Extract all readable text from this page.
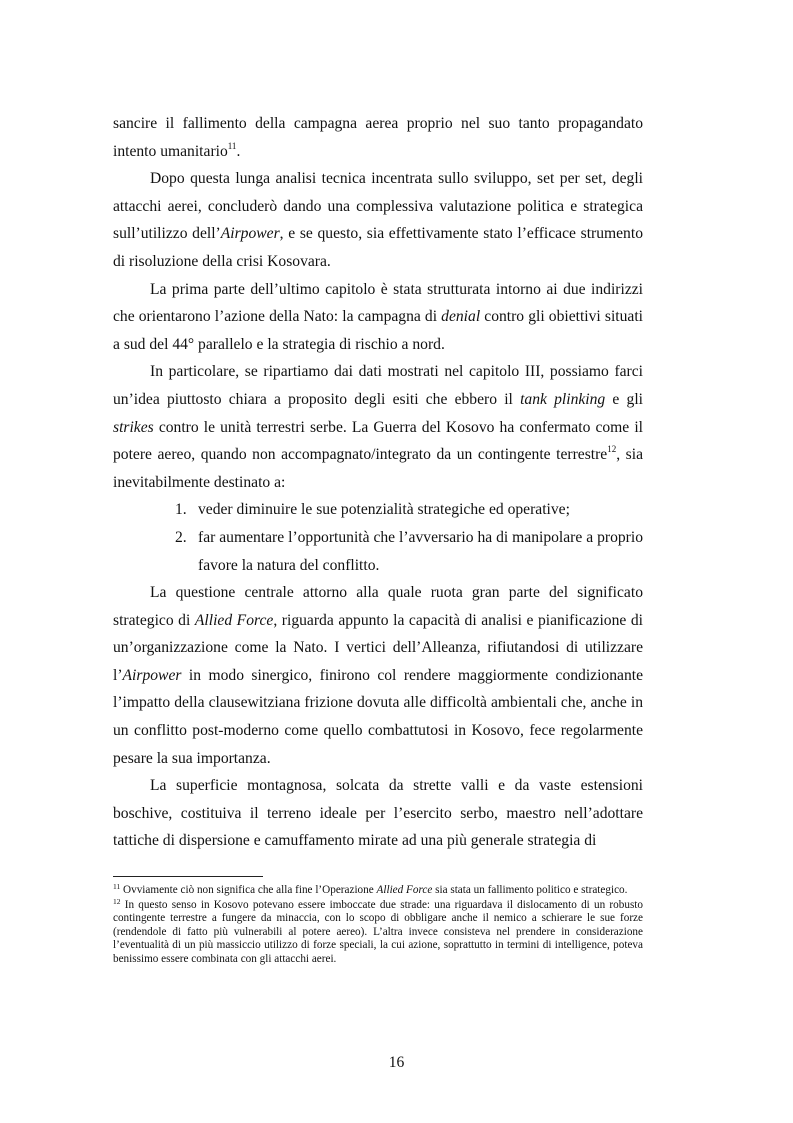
sancire il fallimento della campagna aerea proprio nel suo tanto propagandato intento umanitario$^{11}$.

Dopo questa lunga analisi tecnica incentrata sullo sviluppo, set per set, degli attacchi aerei, concluderò dando una complessiva valutazione politica e strategica sull’utilizzo dell’Airpower, e se questo, sia effettivamente stato l’efficace strumento di risoluzione della crisi Kosovara.

La prima parte dell’ultimo capitolo è stata strutturata intorno ai due indirizzi che orientarono l’azione della Nato: la campagna di denial contro gli obiettivi situati a sud del 44° parallelo e la strategia di rischio a nord.

In particolare, se ripartiamo dai dati mostrati nel capitolo III, possiamo farci un’idea piuttosto chiara a proposito degli esiti che ebbero il tank plinking e gli strikes contro le unità terrestri serbe. La Guerra del Kosovo ha confermato come il potere aereo, quando non accompagnato/integrato da un contingente terrestre$^{12}$, sia inevitabilmente destinato a:

1. veder diminuire le sue potenzialità strategiche ed operative;
2. far aumentare l’opportunità che l’avversario ha di manipolare a proprio favore la natura del conflitto.

La questione centrale attorno alla quale ruota gran parte del significato strategico di Allied Force, riguarda appunto la capacità di analisi e pianificazione di un’organizzazione come la Nato. I vertici dell’Alleanza, rifiutandosi di utilizzare l’Airpower in modo sinergico, finirono col rendere maggiormente condizionante l’impatto della clausewitziana frizione dovuta alle difficoltà ambientali che, anche in un conflitto post-moderno come quello combattutosi in Kosovo, fece regolarmente pesare la sua importanza.

La superficie montagnosa, solcata da strette valli e da vaste estensioni boschive, costituiva il terreno ideale per l’esercito serbo, maestro nell’adottare tattiche di dispersione e camuffamento mirate ad una più generale strategia di

$^{11}$ Ovviamente ciò non significa che alla fine l’Operazione Allied Force sia stata un fallimento politico e strategico.

$^{12}$ In questo senso in Kosovo potevano essere imboccate due strade: una riguardava il dislocamento di un robusto contingente terrestre a fungere da minaccia, con lo scopo di obbligare anche il nemico a schierare le sue forze (rendendole di fatto più vulnerabili al potere aereo). L’altra invece consisteva nel prendere in considerazione l’eventualità di un più massiccio utilizzo di forze speciali, la cui azione, soprattutto in termini di intelligence, poteva benissimo essere combinata con gli attacchi aerei.

16
